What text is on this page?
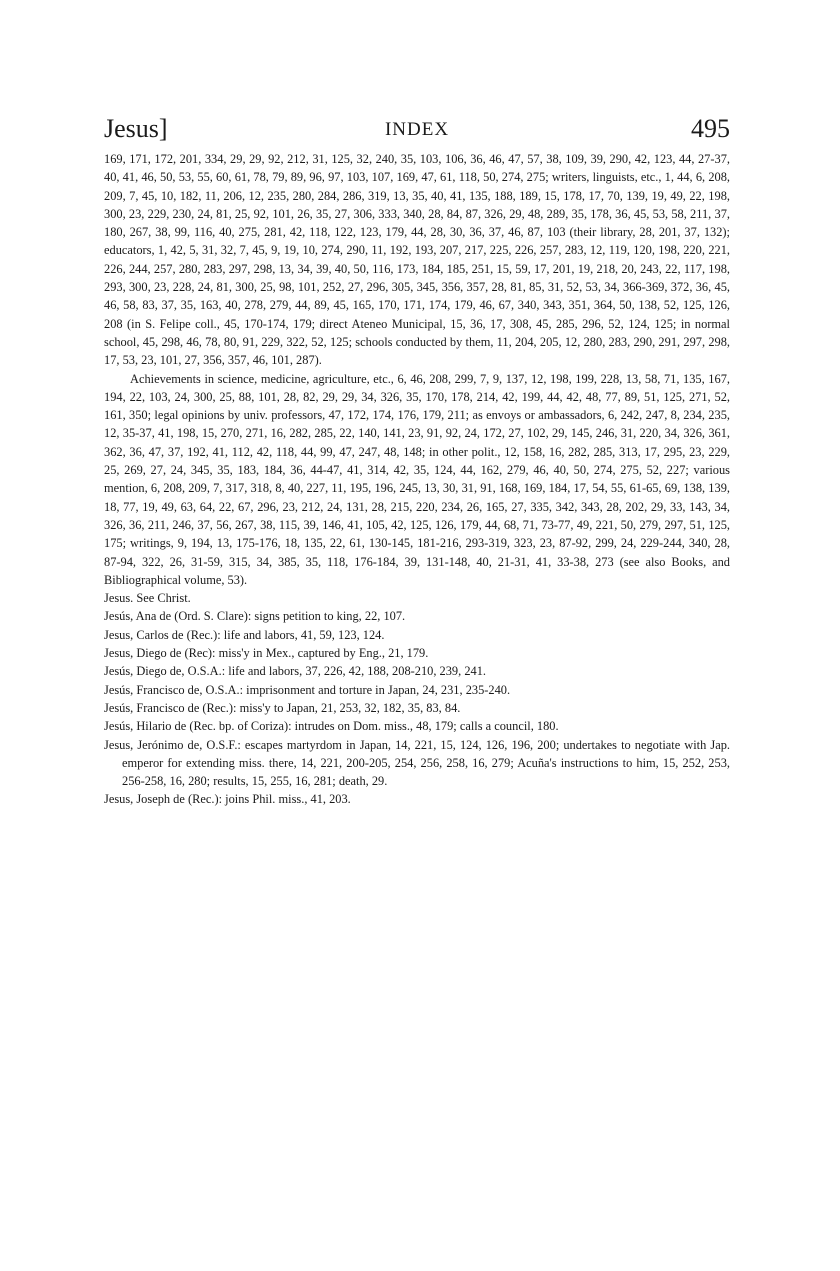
Jesus]	INDEX	495

169, 171, 172, 201, 334, 29, 29, 92, 212, 31, 125, 32, 240, 35, 103, 106, 36, 46, 47, 57, 38, 109, 39, 290, 42, 123, 44, 27-37, 40, 41, 46, 50, 53, 55, 60, 61, 78, 79, 89, 96, 97, 103, 107, 169, 47, 61, 118, 50, 274, 275; writers, linguists, etc., 1, 44, 6, 208, 209, 7, 45, 10, 182, 11, 206, 12, 235, 280, 284, 286, 319, 13, 35, 40, 41, 135, 188, 189, 15, 178, 17, 70, 139, 19, 49, 22, 198, 300, 23, 229, 230, 24, 81, 25, 92, 101, 26, 35, 27, 306, 333, 340, 28, 84, 87, 326, 29, 48, 289, 35, 178, 36, 45, 53, 58, 211, 37, 180, 267, 38, 99, 116, 40, 275, 281, 42, 118, 122, 123, 179, 44, 28, 30, 36, 37, 46, 87, 103 (their library, 28, 201, 37, 132); educators, 1, 42, 5, 31, 32, 7, 45, 9, 19, 10, 274, 290, 11, 192, 193, 207, 217, 225, 226, 257, 283, 12, 119, 120, 198, 220, 221, 226, 244, 257, 280, 283, 297, 298, 13, 34, 39, 40, 50, 116, 173, 184, 185, 251, 15, 59, 17, 201, 19, 218, 20, 243, 22, 117, 198, 293, 300, 23, 228, 24, 81, 300, 25, 98, 101, 252, 27, 296, 305, 345, 356, 357, 28, 81, 85, 31, 52, 53, 34, 366-369, 372, 36, 45, 46, 58, 83, 37, 35, 163, 40, 278, 279, 44, 89, 45, 165, 170, 171, 174, 179, 46, 67, 340, 343, 351, 364, 50, 138, 52, 125, 126, 208 (in S. Felipe coll., 45, 170-174, 179; direct Ateneo Municipal, 15, 36, 17, 308, 45, 285, 296, 52, 124, 125; in normal school, 45, 298, 46, 78, 80, 91, 229, 322, 52, 125; schools conducted by them, 11, 204, 205, 12, 280, 283, 290, 291, 297, 298, 17, 53, 23, 101, 27, 356, 357, 46, 101, 287).

Achievements in science, medicine, agriculture, etc., 6, 46, 208, 299, 7, 9, 137, 12, 198, 199, 228, 13, 58, 71, 135, 167, 194, 22, 103, 24, 300, 25, 88, 101, 28, 82, 29, 29, 34, 326, 35, 170, 178, 214, 42, 199, 44, 42, 48, 77, 89, 51, 125, 271, 52, 161, 350; legal opinions by univ. professors, 47, 172, 174, 176, 179, 211; as envoys or ambassadors, 6, 242, 247, 8, 234, 235, 12, 35-37, 41, 198, 15, 270, 271, 16, 282, 285, 22, 140, 141, 23, 91, 92, 24, 172, 27, 102, 29, 145, 246, 31, 220, 34, 326, 361, 362, 36, 47, 37, 192, 41, 112, 42, 118, 44, 99, 47, 247, 48, 148; in other polit., 12, 158, 16, 282, 285, 313, 17, 295, 23, 229, 25, 269, 27, 24, 345, 35, 183, 184, 36, 44-47, 41, 314, 42, 35, 124, 44, 162, 279, 46, 40, 50, 274, 275, 52, 227; various mention, 6, 208, 209, 7, 317, 318, 8, 40, 227, 11, 195, 196, 245, 13, 30, 31, 91, 168, 169, 184, 17, 54, 55, 61-65, 69, 138, 139, 18, 77, 19, 49, 63, 64, 22, 67, 296, 23, 212, 24, 131, 28, 215, 220, 234, 26, 165, 27, 335, 342, 343, 28, 202, 29, 33, 143, 34, 326, 36, 211, 246, 37, 56, 267, 38, 115, 39, 146, 41, 105, 42, 125, 126, 179, 44, 68, 71, 73-77, 49, 221, 50, 279, 297, 51, 125, 175; writings, 9, 194, 13, 175-176, 18, 135, 22, 61, 130-145, 181-216, 293-319, 323, 23, 87-92, 299, 24, 229-244, 340, 28, 87-94, 322, 26, 31-59, 315, 34, 385, 35, 118, 176-184, 39, 131-148, 40, 21-31, 41, 33-38, 273 (see also Books, and Bibliographical volume, 53).

Jesus. See Christ.

Jesús, Ana de (Ord. S. Clare): signs petition to king, 22, 107.

Jesus, Carlos de (Rec.): life and labors, 41, 59, 123, 124.

Jesus, Diego de (Rec): miss'y in Mex., captured by Eng., 21, 179.

Jesús, Diego de, O.S.A.: life and labors, 37, 226, 42, 188, 208-210, 239, 241.

Jesús, Francisco de, O.S.A.: imprisonment and torture in Japan, 24, 231, 235-240.

Jesús, Francisco de (Rec.): miss'y to Japan, 21, 253, 32, 182, 35, 83, 84.

Jesús, Hilario de (Rec. bp. of Coriza): intrudes on Dom. miss., 48, 179; calls a council, 180.

Jesus, Jerónimo de, O.S.F.: escapes martyrdom in Japan, 14, 221, 15, 124, 126, 196, 200; undertakes to negotiate with Jap. emperor for extending miss. there, 14, 221, 200-205, 254, 256, 258, 16, 279; Acuña's instructions to him, 15, 252, 253, 256-258, 16, 280; results, 15, 255, 16, 281; death, 29.

Jesus, Joseph de (Rec.): joins Phil. miss., 41, 203.
